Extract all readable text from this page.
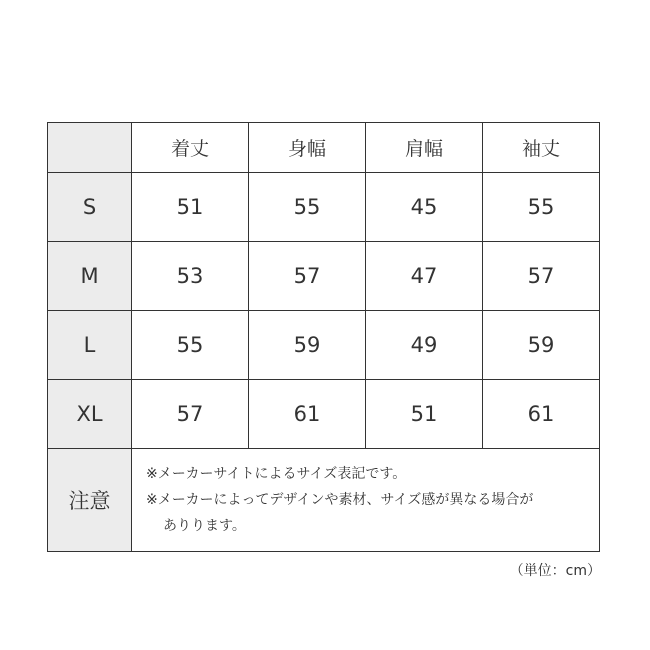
	着丈	身幅	肩幅	袖丈
S	51	55	45	55
M	53	57	47	57
L	55	59	49	59
XL	57	61	51	61
注意	※メーカーサイトによるサイズ表記です。
※メーカーによってデザインや素材、サイズ感が異なる場合が
ありります。			
（単位：cm）
